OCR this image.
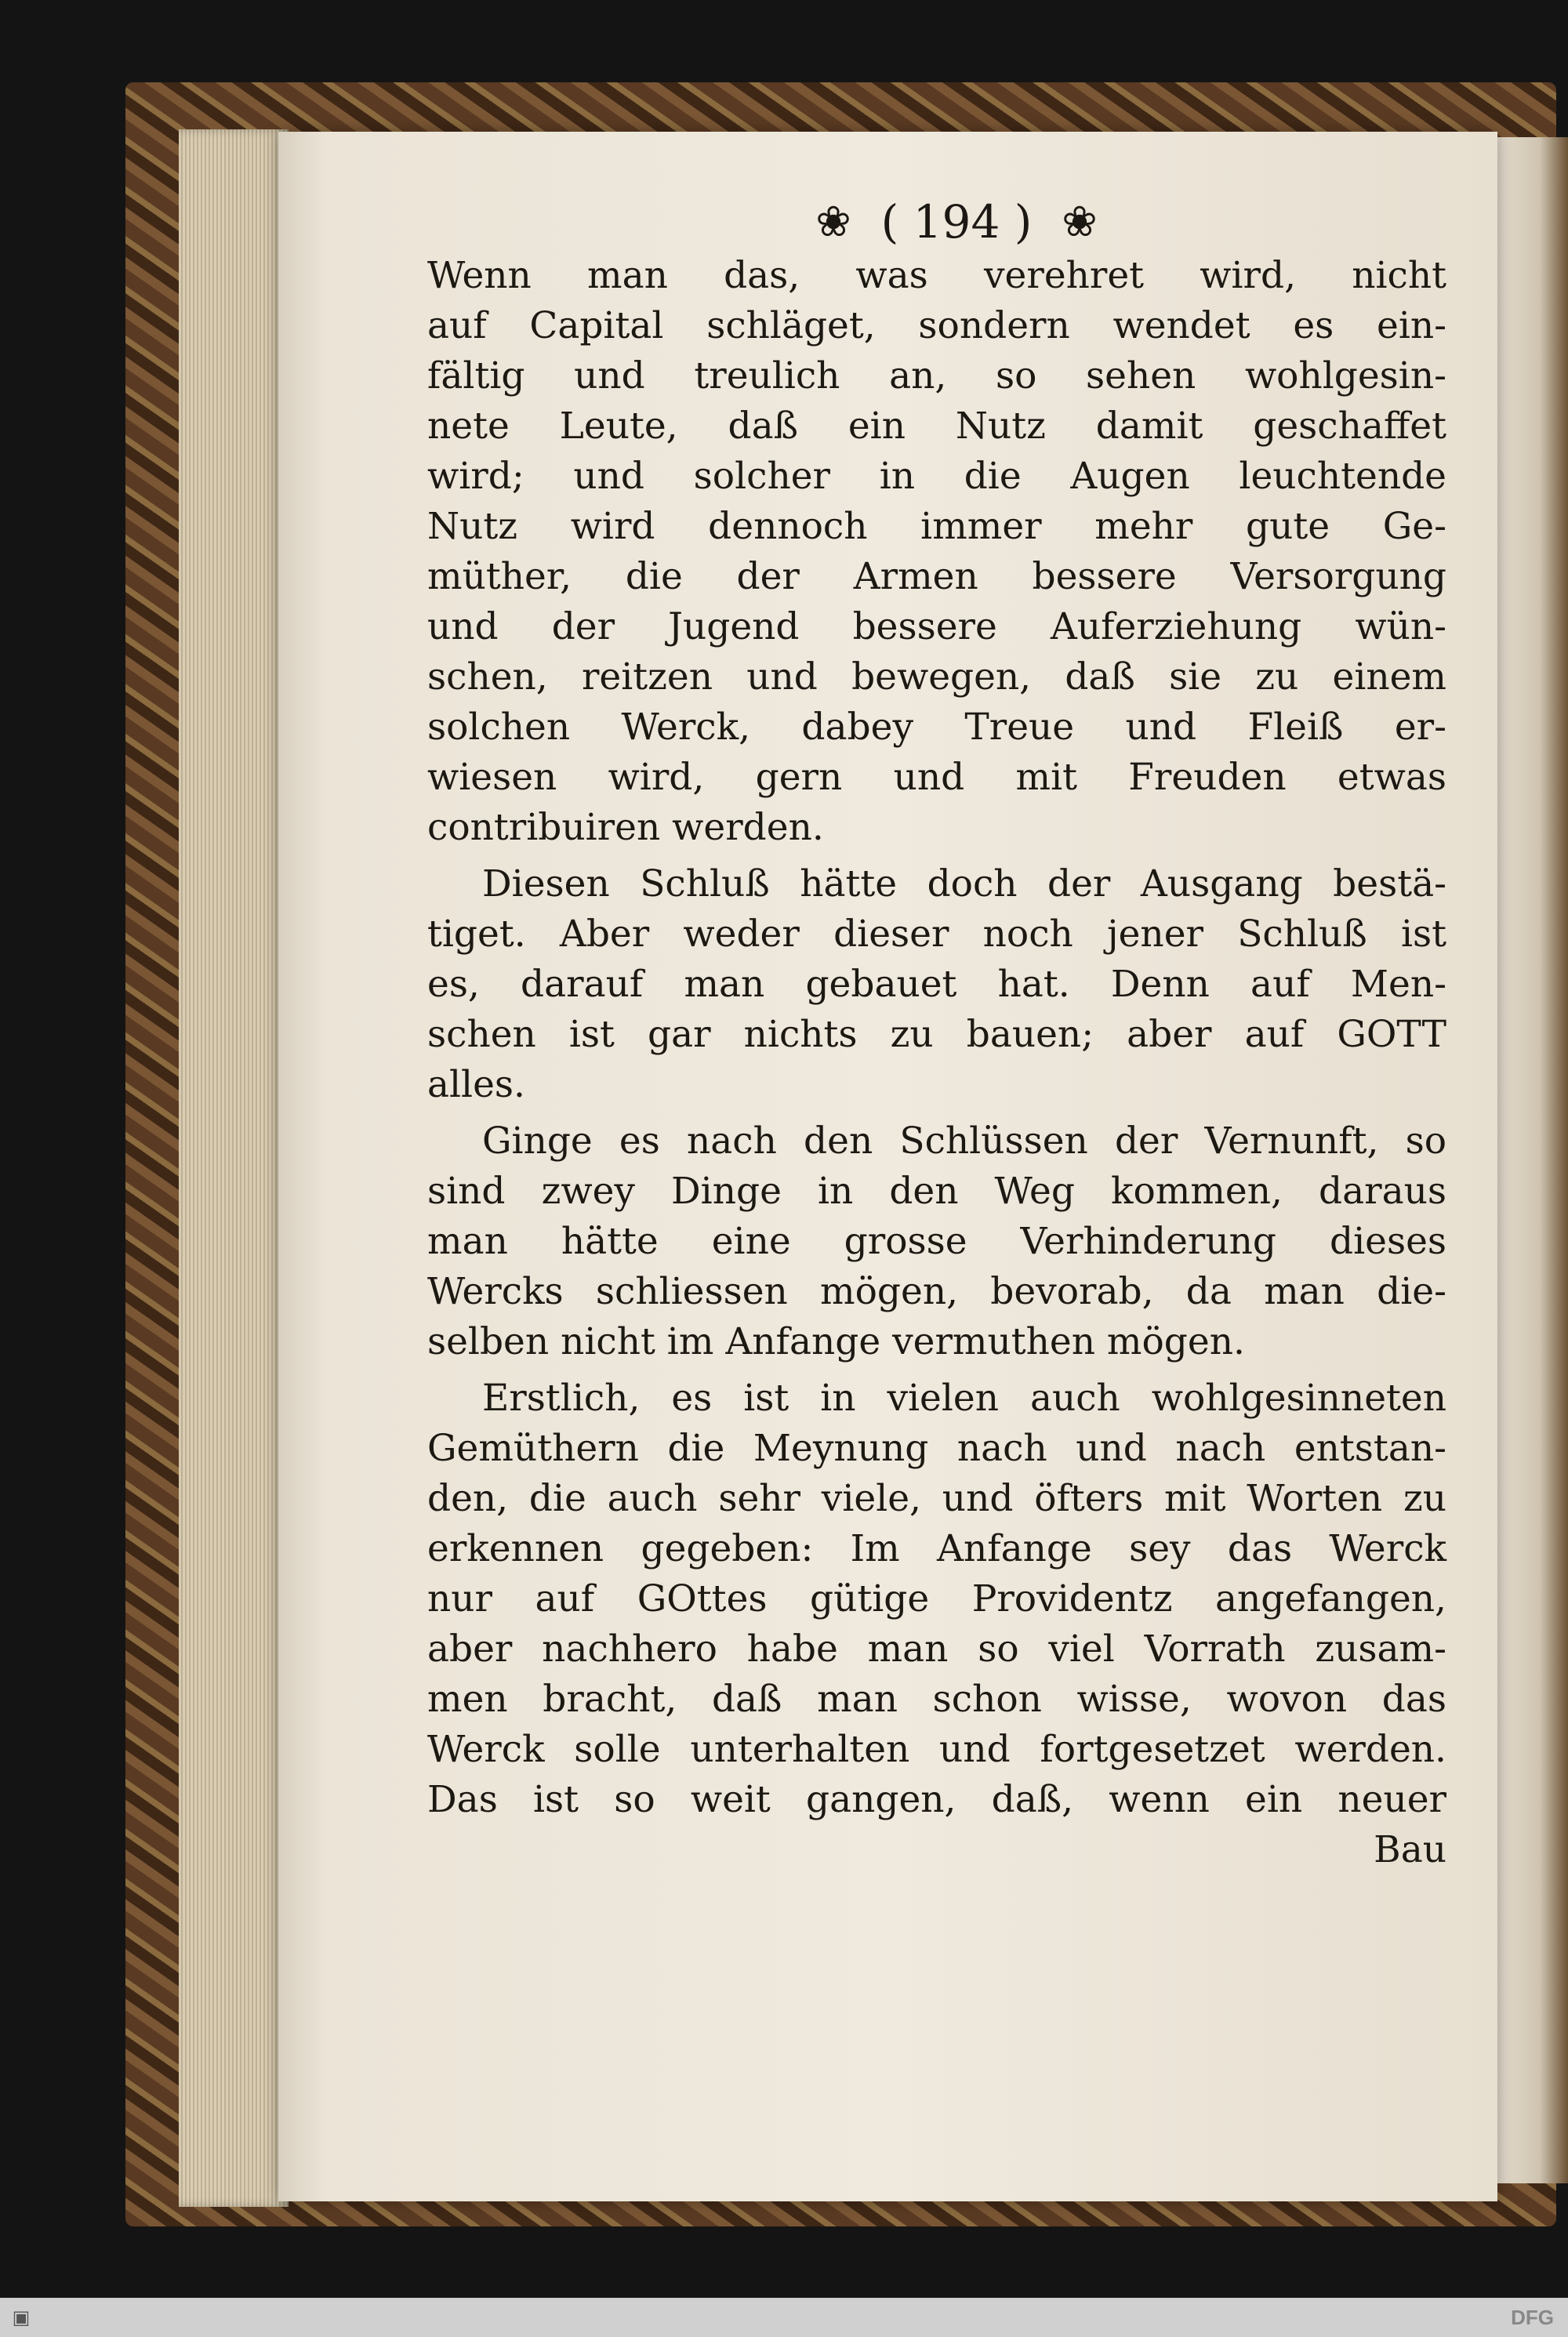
❀ ( 194 ) ❀
Wenn man das, was verehret wird, nicht
auf Capital schläget, sondern wendet es ein-
fältig und treulich an, so sehen wohlgesin-
nete Leute, daß ein Nutz damit geschaffet
wird; und solcher in die Augen leuchtende
Nutz wird dennoch immer mehr gute Ge-
müther, die der Armen bessere Versorgung
und der Jugend bessere Auferziehung wün-
schen, reitzen und bewegen, daß sie zu einem
solchen Werck, dabey Treue und Fleiß er-
wiesen wird, gern und mit Freuden etwas
contribuiren werden.
Diesen Schluß hätte doch der Ausgang bestä-
tiget. Aber weder dieser noch jener Schluß ist
es, darauf man gebauet hat. Denn auf Men-
schen ist gar nichts zu bauen; aber auf GOTT
alles.
Ginge es nach den Schlüssen der Vernunft, so
sind zwey Dinge in den Weg kommen, daraus
man hätte eine grosse Verhinderung dieses
Wercks schliessen mögen, bevorab, da man die-
selben nicht im Anfange vermuthen mögen.
Erstlich, es ist in vielen auch wohlgesinneten
Gemüthern die Meynung nach und nach entstan-
den, die auch sehr viele, und öfters mit Worten zu
erkennen gegeben: Im Anfange sey das Werck
nur auf GOttes gütige Providentz angefangen,
aber nachhero habe man so viel Vorrath zusam-
men bracht, daß man schon wisse, wovon das
Werck solle unterhalten und fortgesetzet werden.
Das ist so weit gangen, daß, wenn ein neuer
Bau
▣	DFG
